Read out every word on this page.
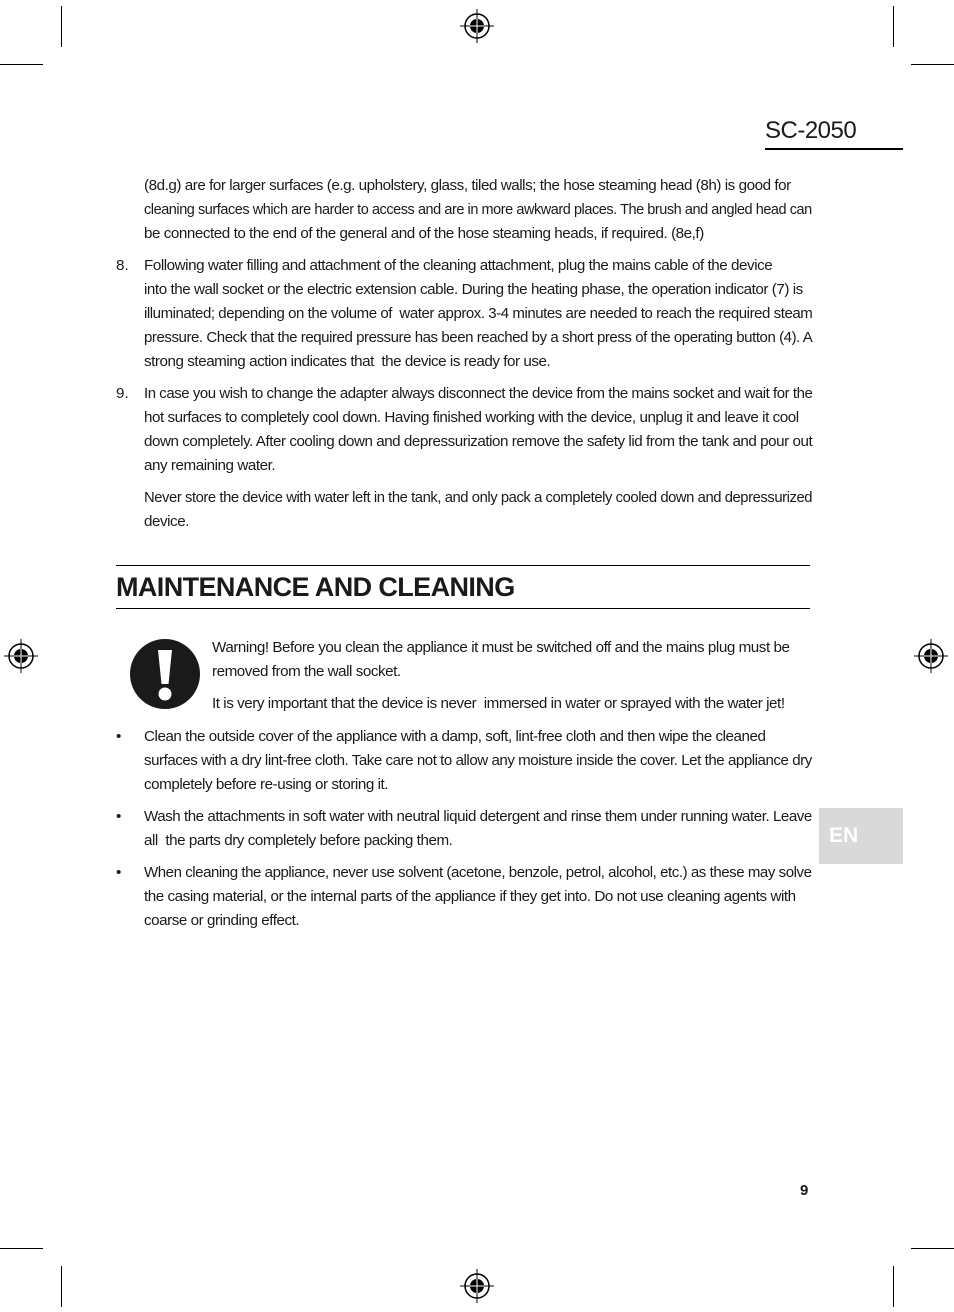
SC-2050
(8d.g) are for larger surfaces (e.g. upholstery, glass, tiled walls; the hose steaming head (8h) is good for
cleaning surfaces which are harder to access and are in more awkward places. The brush and angled head can
be connected to the end of the general and of the hose steaming heads, if required. (8e,f)
8. Following water filling and attachment of the cleaning attachment, plug the mains cable of the device
into the wall socket or the electric extension cable. During the heating phase, the operation indicator (7) is
illuminated; depending on the volume of  water approx. 3-4 minutes are needed to reach the required steam
pressure. Check that the required pressure has been reached by a short press of the operating button (4). A
strong steaming action indicates that  the device is ready for use.
9. In case you wish to change the adapter always disconnect the device from the mains socket and wait for the
hot surfaces to completely cool down. Having finished working with the device, unplug it and leave it cool
down completely. After cooling down and depressurization remove the safety lid from the tank and pour out
any remaining water.
Never store the device with water left in the tank, and only pack a completely cooled down and depressurized
device.
MAINTENANCE AND CLEANING
Warning! Before you clean the appliance it must be switched off and the mains plug must be
removed from the wall socket.
It is very important that the device is never  immersed in water or sprayed with the water jet!
• Clean the outside cover of the appliance with a damp, soft, lint-free cloth and then wipe the cleaned
surfaces with a dry lint-free cloth. Take care not to allow any moisture inside the cover. Let the appliance dry
completely before re-using or storing it.
• Wash the attachments in soft water with neutral liquid detergent and rinse them under running water. Leave
all  the parts dry completely before packing them.
• When cleaning the appliance, never use solvent (acetone, benzole, petrol, alcohol, etc.) as these may solve
the casing material, or the internal parts of the appliance if they get into. Do not use cleaning agents with
coarse or grinding effect.
EN
9
